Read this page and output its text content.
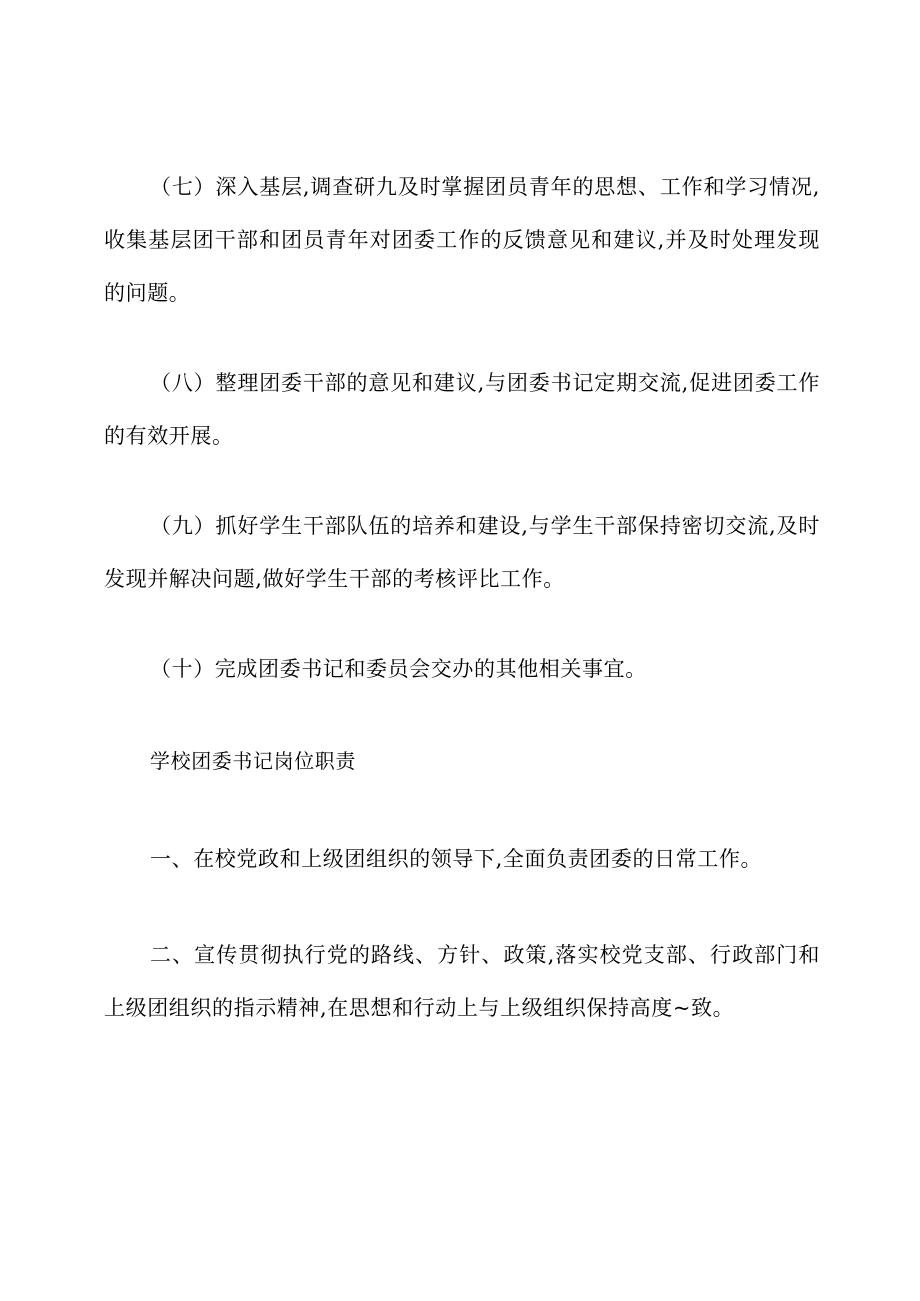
（七）深入基层,调查研九及时掌握团员青年的思想、工作和学习情况,收集基层团干部和团员青年对团委工作的反馈意见和建议,并及时处理发现的问题。

（八）整理团委干部的意见和建议,与团委书记定期交流,促进团委工作的有效开展。

（九）抓好学生干部队伍的培养和建设,与学生干部保持密切交流,及时发现并解决问题,做好学生干部的考核评比工作。

（十）完成团委书记和委员会交办的其他相关事宜。

学校团委书记岗位职责

一、在校党政和上级团组织的领导下,全面负责团委的日常工作。

二、宣传贯彻执行党的路线、方针、政策,落实校党支部、行政部门和上级团组织的指示精神,在思想和行动上与上级组织保持高度~致。
